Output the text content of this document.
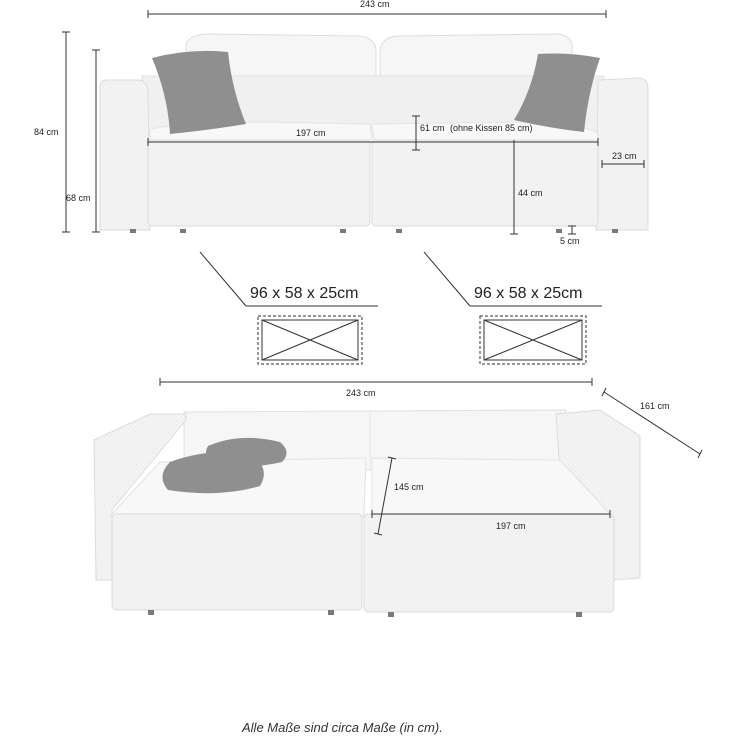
243 cm
84 cm
68 cm
197 cm	61 cm (ohne Kissen 85 cm)
23 cm
44 cm
5 cm
96 x 58 x 25cm	96 x 58 x 25cm
243 cm
161 cm
145 cm
197 cm
Alle Maße sind circa Maße (in cm).
